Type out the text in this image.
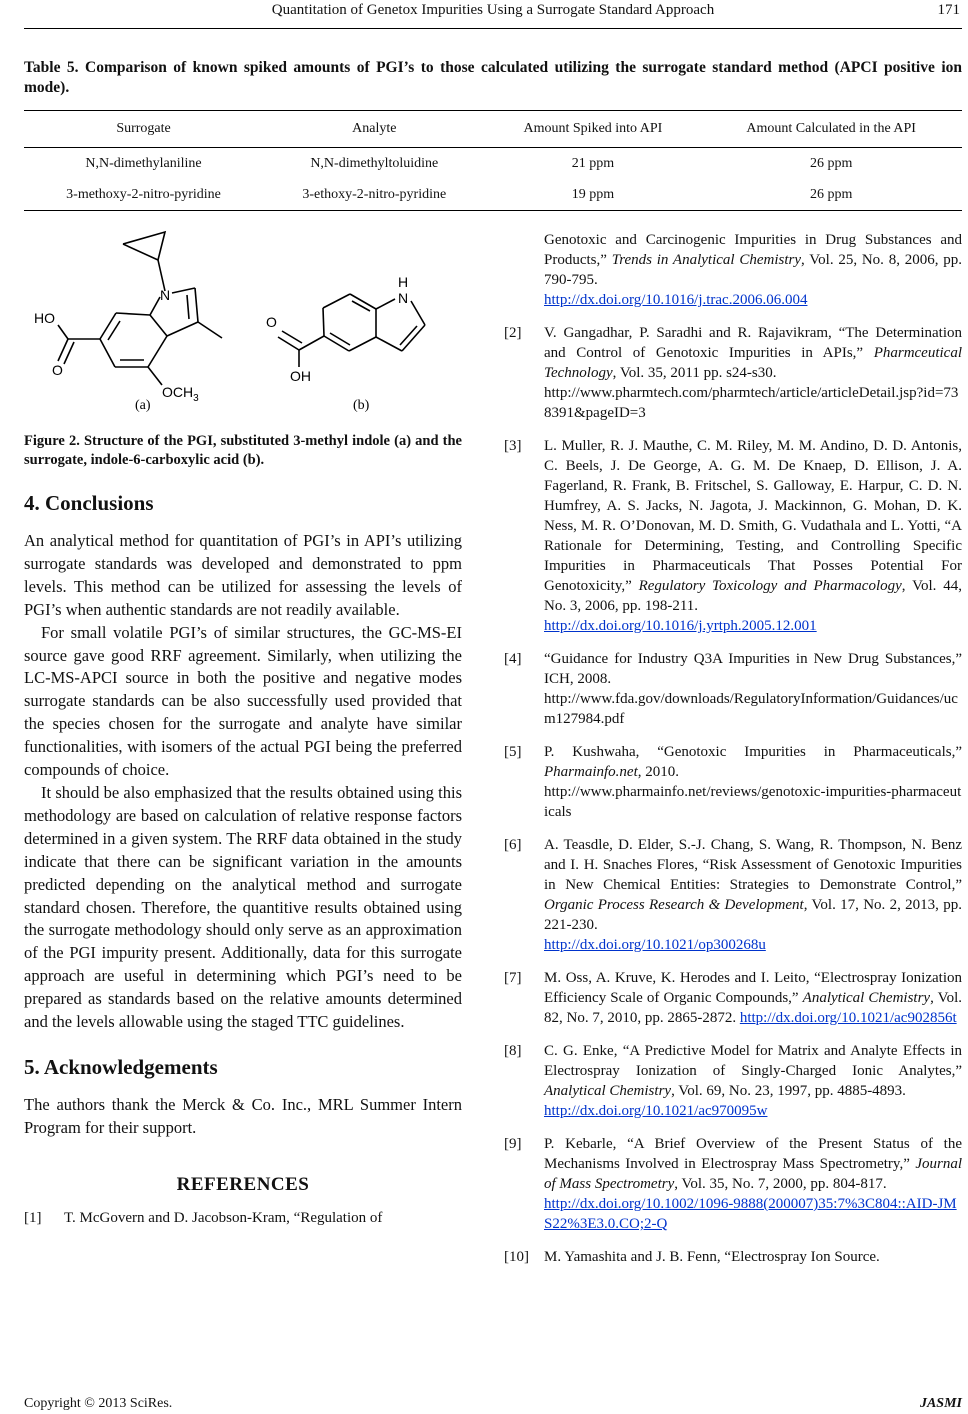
Quantitation of Genetox Impurities Using a Surrogate Standard Approach	171
Table 5. Comparison of known spiked amounts of PGI’s to those calculated utilizing the surrogate standard method (APCI positive ion mode).
Surrogate	Analyte	Amount Spiked into API	Amount Calculated in the API
N,N-dimethylaniline	N,N-dimethyltoluidine	21 ppm	26 ppm
3-methoxy-2-nitro-pyridine	3-ethoxy-2-nitro-pyridine	19 ppm	26 ppm
N
HO
O
$OCH_3$
H
N
O
OH
(a)	(b)
Figure 2. Structure of the PGI, substituted 3-methyl indole (a) and the surrogate, indole-6-carboxylic acid (b).
4. Conclusions

An analytical method for quantitation of PGI’s in API’s utilizing surrogate standards was developed and demonstrated to ppm levels. This method can be utilized for assessing the levels of PGI’s when authentic standards are not readily available.

For small volatile PGI’s of similar structures, the GC-MS-EI source gave good RRF agreement. Similarly, when utilizing the LC-MS-APCI source in both the positive and negative modes surrogate standards can be also successfully used provided that the species chosen for the surrogate and analyte have similar functionalities, with isomers of the actual PGI being the preferred compounds of choice.

It should be also emphasized that the results obtained using this methodology are based on calculation of relative response factors determined in a given system. The RRF data obtained in the study indicate that there can be significant variation in the amounts predicted depending on the analytical method and surrogate standard chosen. Therefore, the quantitive results obtained using the surrogate methodology should only serve as an approximation of the PGI impurity present. Additionally, data for this surrogate approach are useful in determining which PGI’s need to be prepared as standards based on the relative amounts determined and the levels allowable using the staged TTC guidelines.

5. Acknowledgements

The authors thank the Merck & Co. Inc., MRL Summer Intern Program for their support.

REFERENCES
[1] T. McGovern and D. Jacobson-Kram, “Regulation of
Genotoxic and Carcinogenic Impurities in Drug Substances and Products,” Trends in Analytical Chemistry, Vol. 25, No. 8, 2006, pp. 790-795.
http://dx.doi.org/10.1016/j.trac.2006.06.004
[2] V. Gangadhar, P. Saradhi and R. Rajavikram, “The Determination and Control of Genotoxic Impurities in APIs,” Pharmceutical Technology, Vol. 35, 2011 pp. s24-s30.
http://www.pharmtech.com/pharmtech/article/articleDetail.jsp?id=738391&pageID=3
[3] L. Muller, R. J. Mauthe, C. M. Riley, M. M. Andino, D. D. Antonis, C. Beels, J. De George, A. G. M. De Knaep, D. Ellison, J. A. Fagerland, R. Frank, B. Fritschel, S. Galloway, E. Harpur, C. D. N. Humfrey, A. S. Jacks, N. Jagota, J. Mackinnon, G. Mohan, D. K. Ness, M. R. O’Donovan, M. D. Smith, G. Vudathala and L. Yotti, “A Rationale for Determining, Testing, and Controlling Specific Impurities in Pharmaceuticals That Posses Potential For Genotoxicity,” Regulatory Toxicology and Pharmacology, Vol. 44, No. 3, 2006, pp. 198-211.
http://dx.doi.org/10.1016/j.yrtph.2005.12.001
[4] “Guidance for Industry Q3A Impurities in New Drug Substances,” ICH, 2008.
http://www.fda.gov/downloads/RegulatoryInformation/Guidances/ucm127984.pdf
[5] P. Kushwaha, “Genotoxic Impurities in Pharmaceuticals,” Pharmainfo.net, 2010.
http://www.pharmainfo.net/reviews/genotoxic-impurities-pharmaceuticals
[6] A. Teasdle, D. Elder, S.-J. Chang, S. Wang, R. Thompson, N. Benz and I. H. Snaches Flores, “Risk Assessment of Genotoxic Impurities in New Chemical Entities: Strategies to Demonstrate Control,” Organic Process Research & Development, Vol. 17, No. 2, 2013, pp. 221-230.
http://dx.doi.org/10.1021/op300268u
[7] M. Oss, A. Kruve, K. Herodes and I. Leito, “Electrospray Ionization Efficiency Scale of Organic Compounds,” Analytical Chemistry, Vol. 82, No. 7, 2010, pp. 2865-2872. http://dx.doi.org/10.1021/ac902856t
[8] C. G. Enke, “A Predictive Model for Matrix and Analyte Effects in Electrospray Ionization of Singly-Charged Ionic Analytes,” Analytical Chemistry, Vol. 69, No. 23, 1997, pp. 4885-4893.
http://dx.doi.org/10.1021/ac970095w
[9] P. Kebarle, “A Brief Overview of the Present Status of the Mechanisms Involved in Electrospray Mass Spectrometry,” Journal of Mass Spectrometry, Vol. 35, No. 7, 2000, pp. 804-817.
http://dx.doi.org/10.1002/1096-9888(200007)35:7%3C804::AID-JMS22%3E3.0.CO;2-Q
[10] M. Yamashita and J. B. Fenn, “Electrospray Ion Source.
Copyright © 2013 SciRes.	JASMI
